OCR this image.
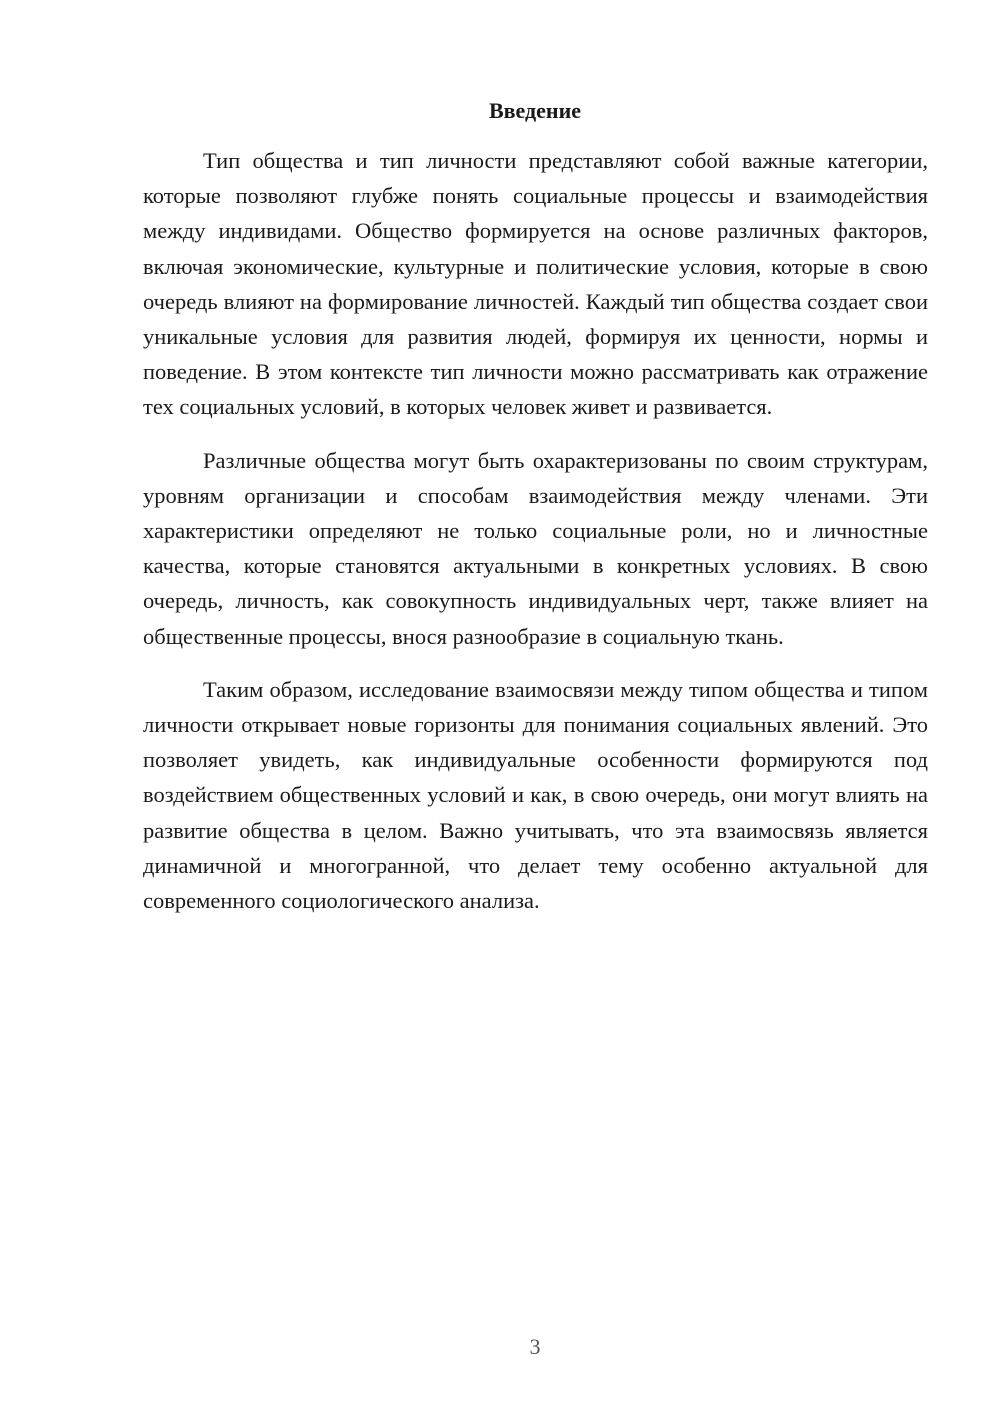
Введение

Тип общества и тип личности представляют собой важные категории, которые позволяют глубже понять социальные процессы и взаимодействия между индивидами. Общество формируется на основе различных факторов, включая экономические, культурные и политические условия, которые в свою очередь влияют на формирование личностей. Каждый тип общества создает свои уникальные условия для развития людей, формируя их ценности, нормы и поведение. В этом контексте тип личности можно рассматривать как отражение тех социальных условий, в которых человек живет и развивается.

Различные общества могут быть охарактеризованы по своим структурам, уровням организации и способам взаимодействия между членами. Эти характеристики определяют не только социальные роли, но и личностные качества, которые становятся актуальными в конкретных условиях. В свою очередь, личность, как совокупность индивидуальных черт, также влияет на общественные процессы, внося разнообразие в социальную ткань.

Таким образом, исследование взаимосвязи между типом общества и типом личности открывает новые горизонты для понимания социальных явлений. Это позволяет увидеть, как индивидуальные особенности формируются под воздействием общественных условий и как, в свою очередь, они могут влиять на развитие общества в целом. Важно учитывать, что эта взаимосвязь является динамичной и многогранной, что делает тему особенно актуальной для современного социологического анализа.

3
